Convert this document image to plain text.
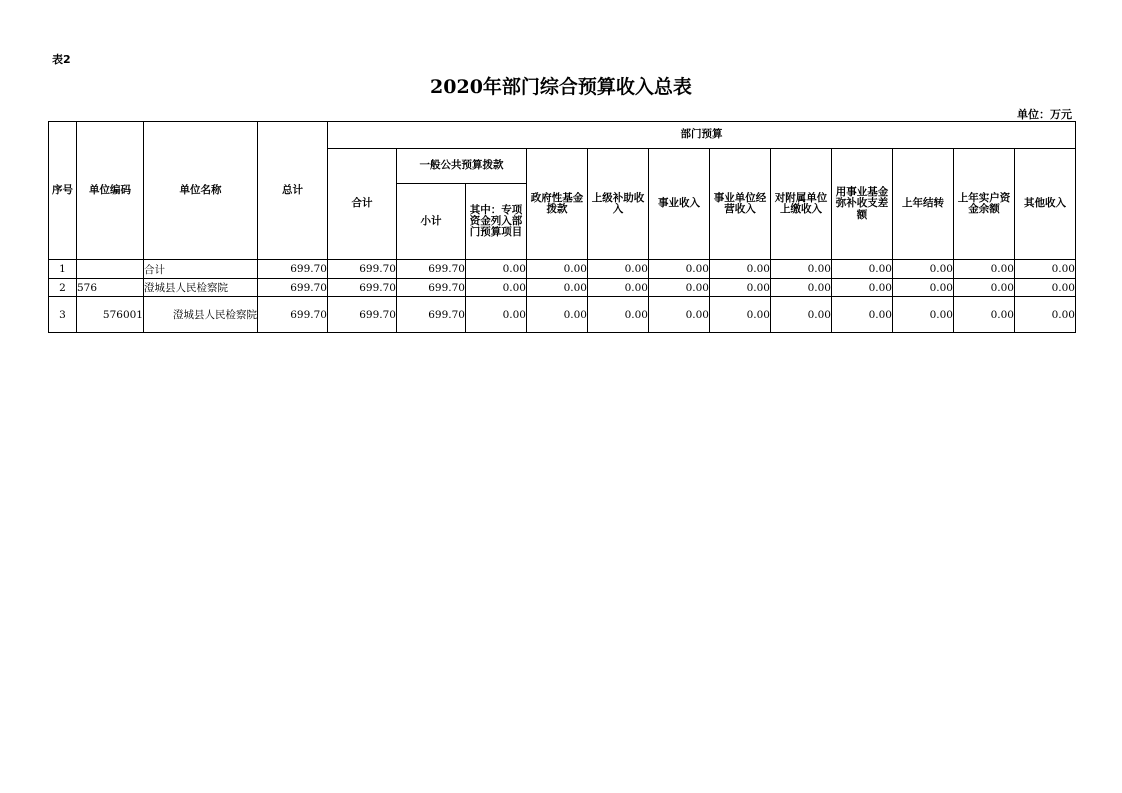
表2
2020年部门综合预算收入总表
单位：万元
序号	单位编码	单位名称	总计	部门预算											
				合计	一般公共预算拨款		政府性基金拨款	上级补助收入	事业收入	事业单位经营收入	对附属单位上缴收入	用事业基金弥补收支差额	上年结转	上年实户资金余额	其他收入

					小计	其中：专项资金列入部门预算项目									

1		合计	699.70	699.70	699.70	0.00	0.00	0.00	0.00	0.00	0.00	0.00	0.00	0.00	0.00
2	576	澄城县人民检察院	699.70	699.70	699.70	0.00	0.00	0.00	0.00	0.00	0.00	0.00	0.00	0.00	0.00
3	576001	澄城县人民检察院	699.70	699.70	699.70	0.00	0.00	0.00	0.00	0.00	0.00	0.00	0.00	0.00	0.00
